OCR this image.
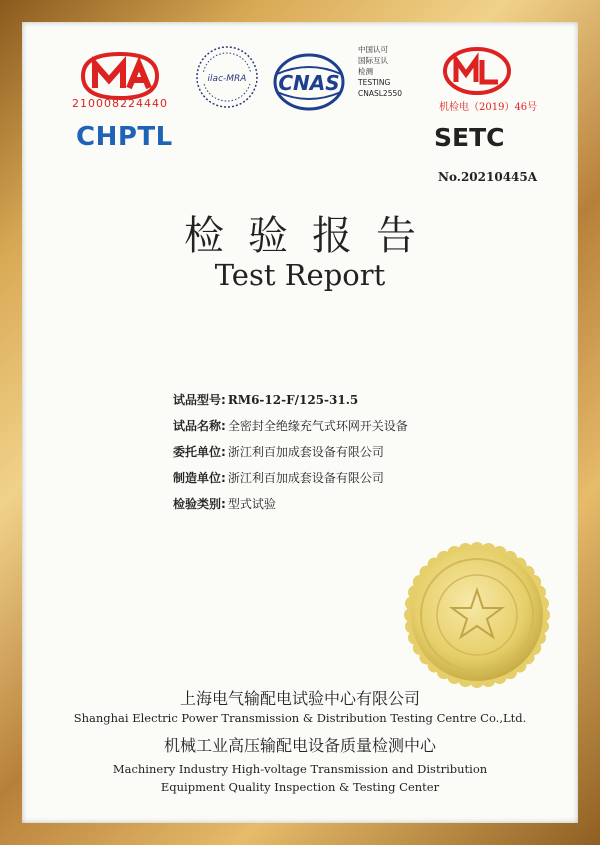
210008224440
ilac-MRA CNAS
中国认可
国际互认
检测
TESTING
CNASL2550
机检电（2019）46号
CHPTL	SETC
No.20210445A
检验报告
Test Report
试品型号: RM6-12-F/125-31.5
试品名称: 全密封全绝缘充气式环网开关设备
委托单位: 浙江利百加成套设备有限公司
制造单位: 浙江利百加成套设备有限公司
检验类别: 型式试验
上海电气输配电试验中心有限公司
Shanghai Electric Power Transmission & Distribution Testing Centre Co.,Ltd.
机械工业高压输配电设备质量检测中心
Machinery Industry High-voltage Transmission and Distribution
Equipment Quality Inspection & Testing Center
